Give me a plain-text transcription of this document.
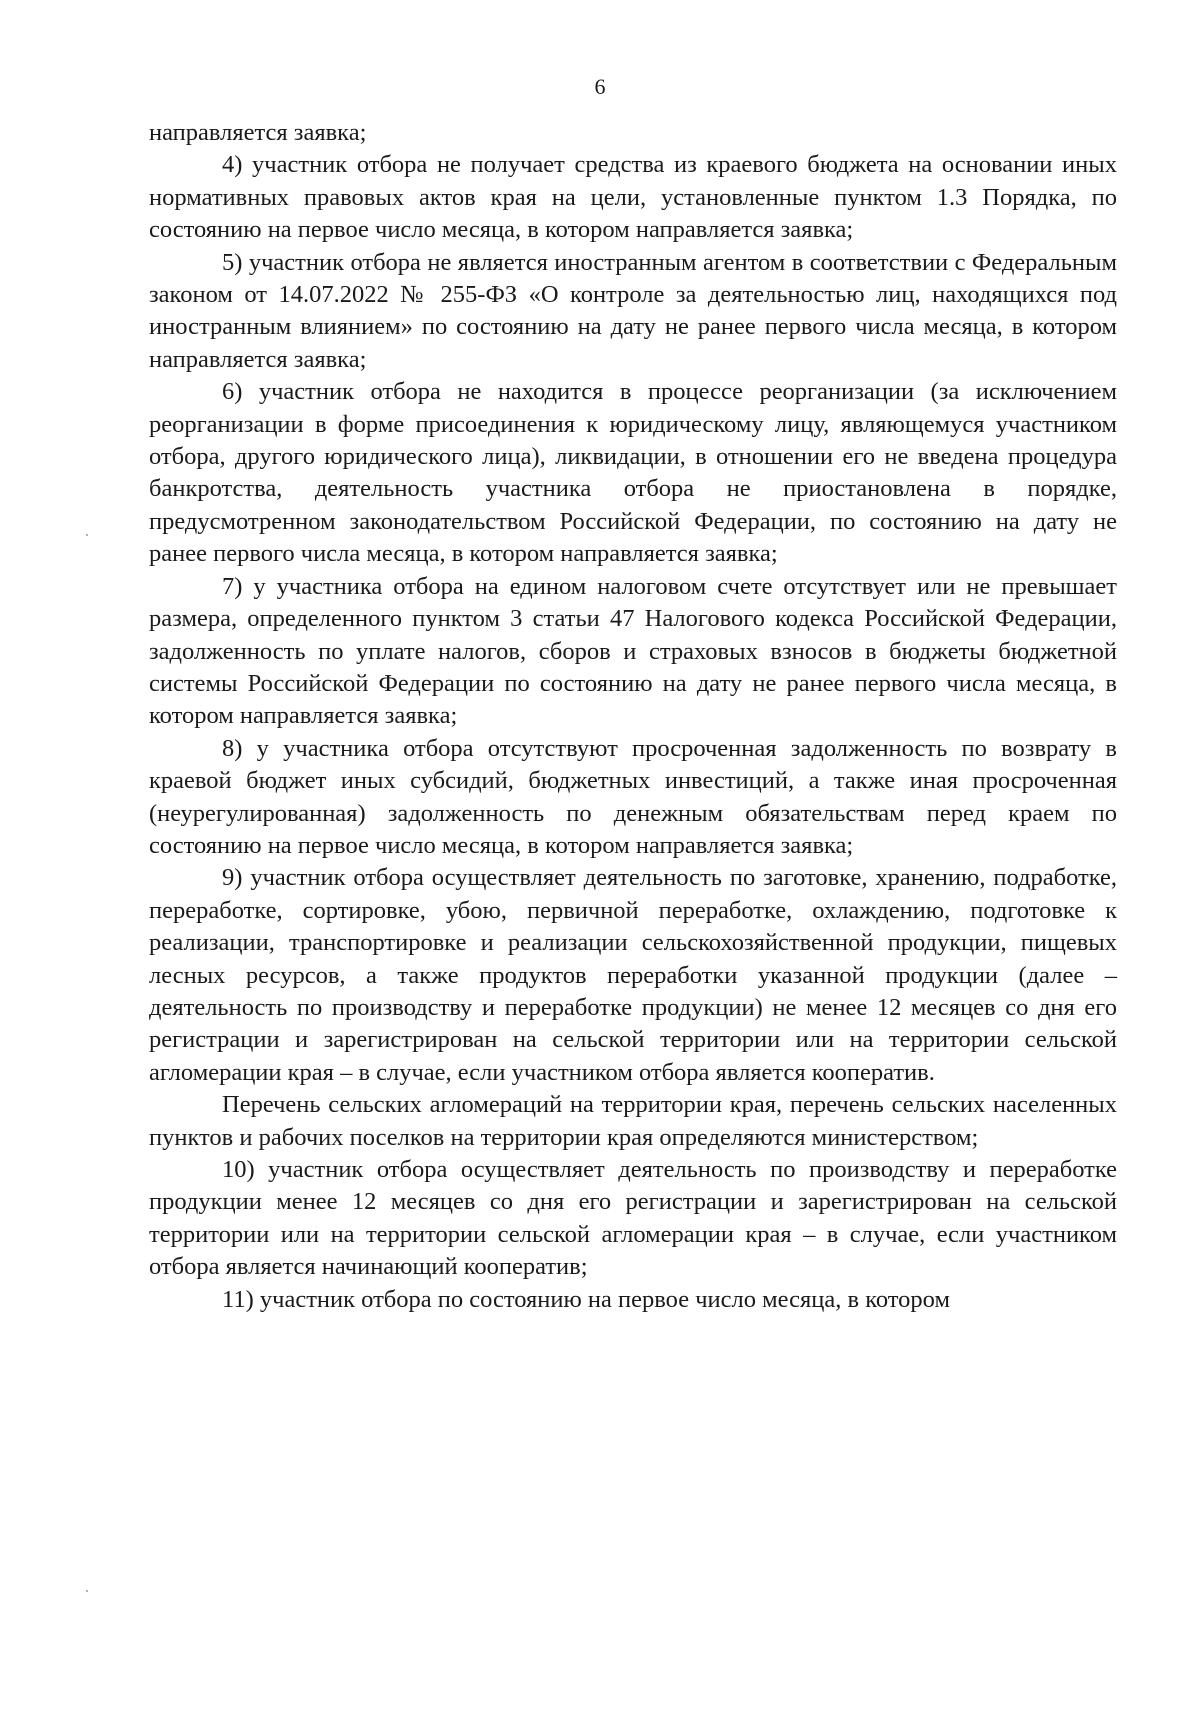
6

направляется заявка;

4) участник отбора не получает средства из краевого бюджета на основании иных нормативных правовых актов края на цели, установленные пунктом 1.3 Порядка, по состоянию на первое число месяца, в котором направляется заявка;

5) участник отбора не является иностранным агентом в соответствии с Федеральным законом от 14.07.2022 № 255-ФЗ «О контроле за деятельностью лиц, находящихся под иностранным влиянием» по состоянию на дату не ранее первого числа месяца, в котором направляется заявка;

6) участник отбора не находится в процессе реорганизации (за исключением реорганизации в форме присоединения к юридическому лицу, являющемуся участником отбора, другого юридического лица), ликвидации, в отношении его не введена процедура банкротства, деятельность участника отбора не приостановлена в порядке, предусмотренном законодательством Российской Федерации, по состоянию на дату не ранее первого числа месяца, в котором направляется заявка;

7) у участника отбора на едином налоговом счете отсутствует или не превышает размера, определенного пунктом 3 статьи 47 Налогового кодекса Российской Федерации, задолженность по уплате налогов, сборов и страховых взносов в бюджеты бюджетной системы Российской Федерации по состоянию на дату не ранее первого числа месяца, в котором направляется заявка;

8) у участника отбора отсутствуют просроченная задолженность по возврату в краевой бюджет иных субсидий, бюджетных инвестиций, а также иная просроченная (неурегулированная) задолженность по денежным обязательствам перед краем по состоянию на первое число месяца, в котором направляется заявка;

9) участник отбора осуществляет деятельность по заготовке, хранению, подработке, переработке, сортировке, убою, первичной переработке, охлаждению, подготовке к реализации, транспортировке и реализации сельскохозяйственной продукции, пищевых лесных ресурсов, а также продуктов переработки указанной продукции (далее – деятельность по производству и переработке продукции) не менее 12 месяцев со дня его регистрации и зарегистрирован на сельской территории или на территории сельской агломерации края – в случае, если участником отбора является кооператив.

Перечень сельских агломераций на территории края, перечень сельских населенных пунктов и рабочих поселков на территории края определяются министерством;

10) участник отбора осуществляет деятельность по производству и переработке продукции менее 12 месяцев со дня его регистрации и зарегистрирован на сельской территории или на территории сельской агломерации края – в случае, если участником отбора является начинающий кооператив;

11) участник отбора по состоянию на первое число месяца, в котором
